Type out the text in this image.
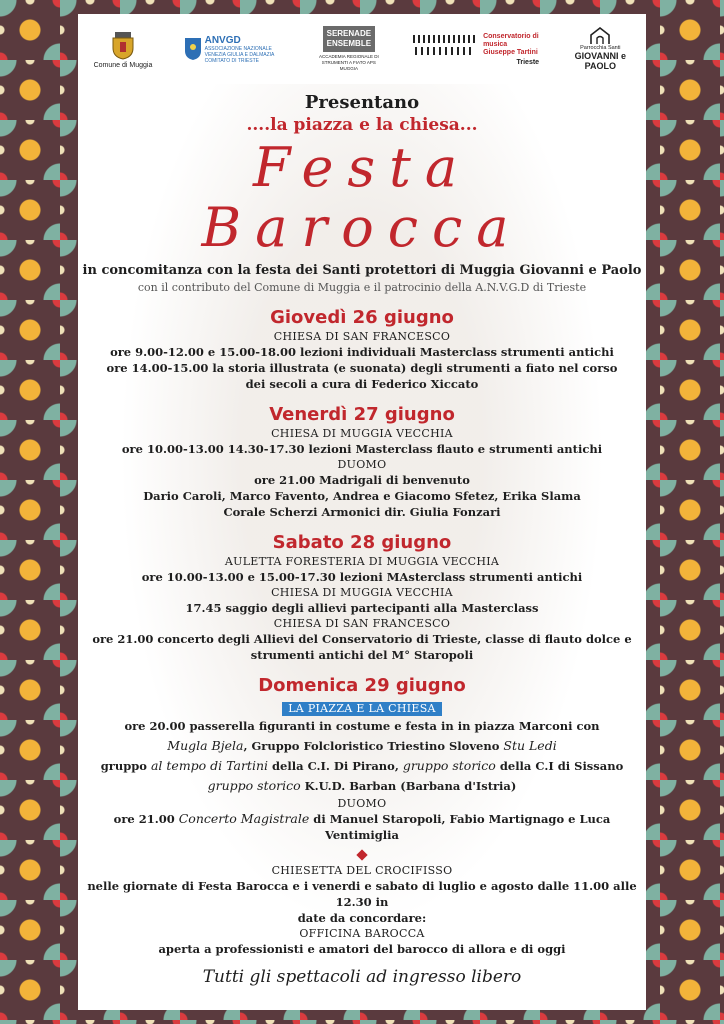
Comune di Muggia
ANVGD
ASSOCIAZIONE NAZIONALE VENEZIA GIULIA E DALMAZIA COMITATO DI TRIESTE
SERENADE
ENSEMBLE
ACCADEMIA REGIONALE DI STRUMENTI A FIATO APS MUGGIA
Conservatorio di musica Giuseppe Tartini
Trieste
Parrocchia Santi
GIOVANNI e PAOLO
Presentano
....la piazza e la chiesa...
Festa Barocca
in concomitanza con la festa dei Santi protettori di Muggia Giovanni e Paolo
con il contributo del Comune di Muggia e il patrocinio della A.N.V.G.D di Trieste
Giovedì 26 giugno
CHIESA DI SAN FRANCESCO
ore 9.00-12.00 e 15.00-18.00 lezioni individuali Masterclass strumenti antichi
ore 14.00-15.00 la storia illustrata (e suonata) degli strumenti a fiato nel corso
dei secoli a cura di Federico Xiccato
Venerdì 27 giugno
CHIESA DI MUGGIA VECCHIA
ore 10.00-13.00 14.30-17.30 lezioni Masterclass flauto e strumenti antichi
DUOMO
ore 21.00 Madrigali di benvenuto
Dario Caroli, Marco Favento, Andrea e Giacomo Sfetez, Erika Slama
Corale Scherzi Armonici dir. Giulia Fonzari
Sabato 28 giugno
AULETTA FORESTERIA DI MUGGIA VECCHIA
ore 10.00-13.00 e 15.00-17.30 lezioni MAsterclass strumenti antichi
CHIESA DI MUGGIA VECCHIA
17.45 saggio degli allievi partecipanti alla Masterclass
CHIESA DI SAN FRANCESCO
ore 21.00 concerto degli Allievi del Conservatorio di Trieste, classe di flauto dolce e
strumenti antichi del M° Staropoli
Domenica 29 giugno
LA PIAZZA E LA CHIESA
ore 20.00 passerella figuranti in costume e festa in in piazza Marconi con
Mugla Bjela, Gruppo Folcloristico Triestino Sloveno Stu Ledi
gruppo al tempo di Tartini della C.I. Di Pirano, gruppo storico della C.I di Sissano
gruppo storico K.U.D. Barban (Barbana d'Istria)
DUOMO
ore 21.00 Concerto Magistrale di Manuel Staropoli, Fabio Martignago e Luca Ventimiglia
CHIESETTA DEL CROCIFISSO
nelle giornate di Festa Barocca e i venerdi e sabato di luglio e agosto dalle 11.00 alle 12.30 in
date da concordare:
OFFICINA BAROCCA
aperta a professionisti e amatori del barocco di allora e di oggi
Tutti gli spettacoli ad ingresso libero
